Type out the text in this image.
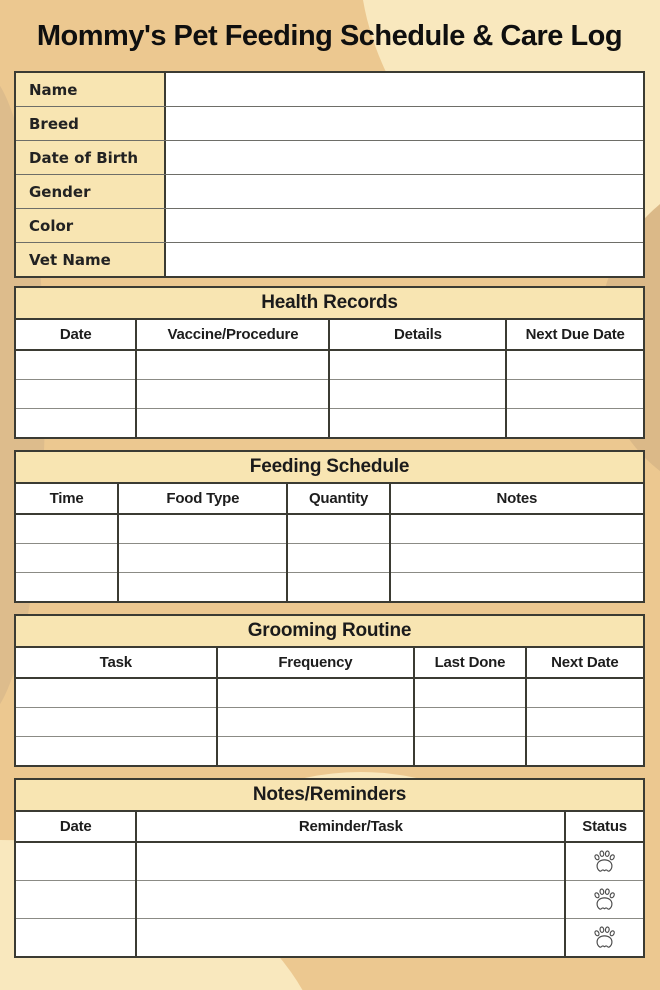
Mommy's Pet Feeding Schedule & Care Log
Name
Breed
Date of Birth
Gender
Color
Vet Name
Health Records
Date	Vaccine/Procedure	Details	Next Due Date

Feeding Schedule
Time	Food Type	Quantity	Notes

Grooming Routine
Task	Frequency	Last Done	Next Date

Notes/Reminders
Date	Reminder/Task	Status
